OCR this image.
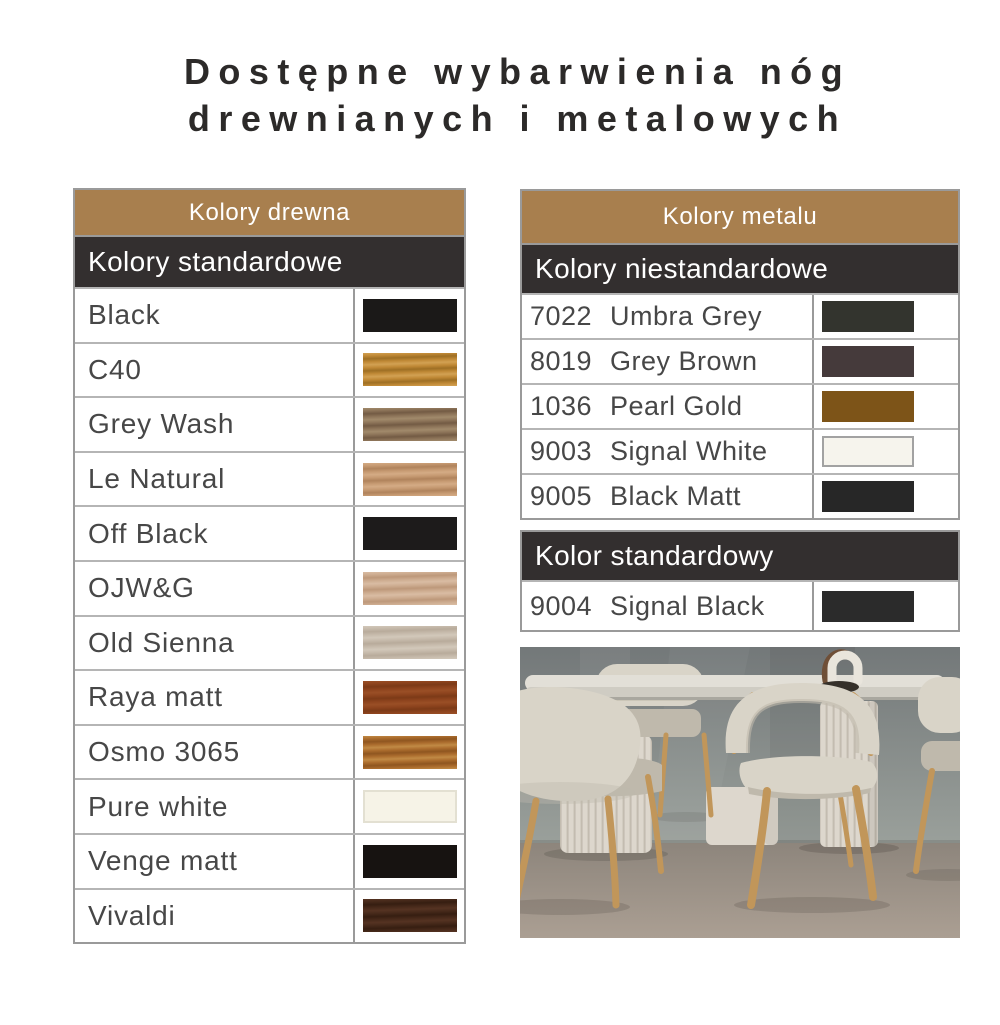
Dostępne wybarwienia nóg
drewnianych i metalowych
Kolory drewna
Kolory standardowe
Black
C40
Grey Wash
Le Natural
Off Black
OJW&G
Old Sienna
Raya matt
Osmo 3065
Pure white
Venge matt
Vivaldi
Kolory metalu
Kolory niestandardowe
7022 Umbra Grey
8019 Grey Brown
1036 Pearl Gold
9003 Signal White
9005 Black Matt
Kolor standardowy
9004 Signal Black
